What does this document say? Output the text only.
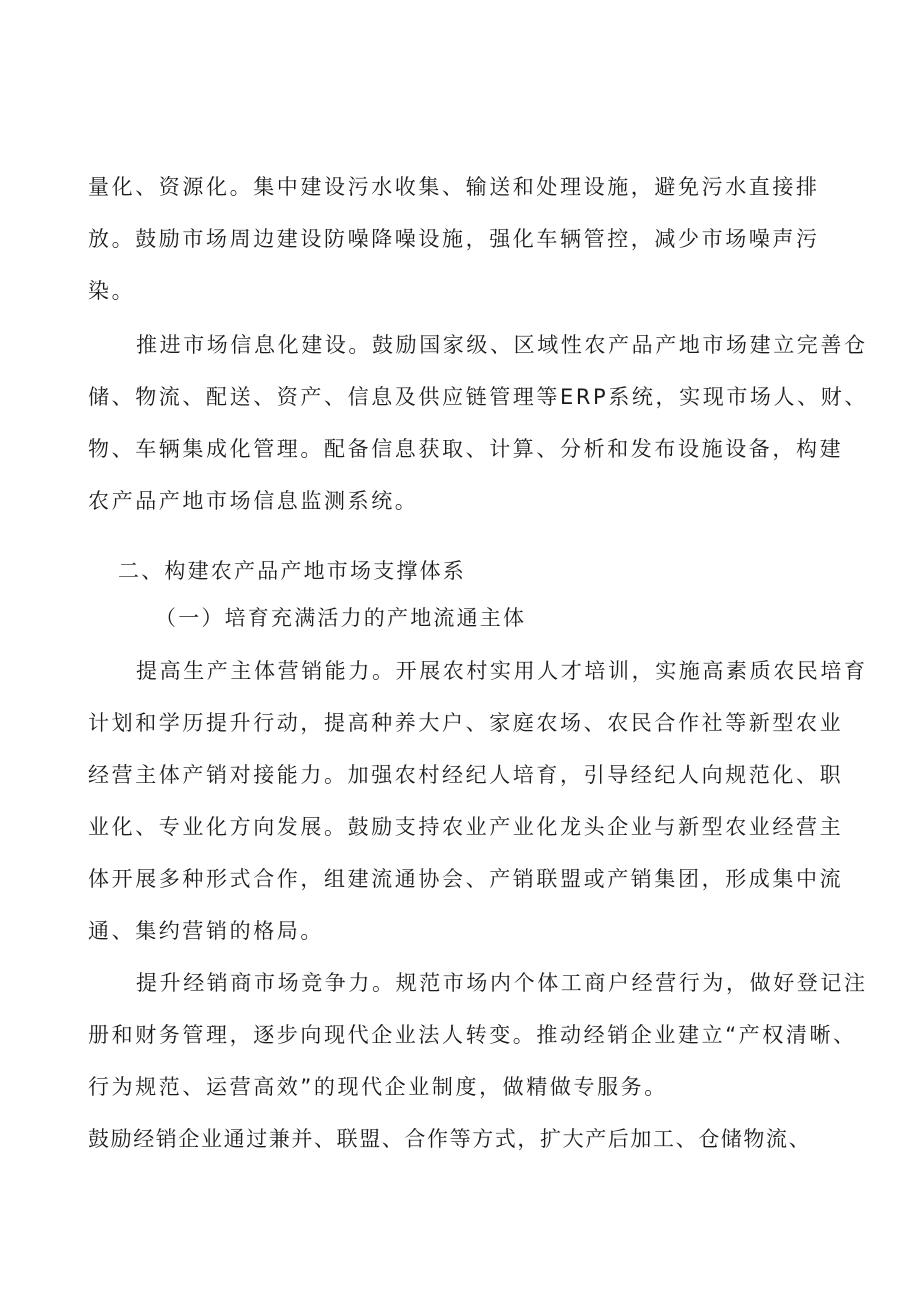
量化、资源化。集中建设污水收集、输送和处理设施，避免污水直接排
放。鼓励市场周边建设防噪降噪设施，强化车辆管控，减少市场噪声污
染。
推进市场信息化建设。鼓励国家级、区域性农产品产地市场建立完善仓
储、物流、配送、资产、信息及供应链管理等ERP系统，实现市场人、财、
物、车辆集成化管理。配备信息获取、计算、分析和发布设施设备，构建
农产品产地市场信息监测系统。
二、构建农产品产地市场支撑体系
（一）培育充满活力的产地流通主体
提高生产主体营销能力。开展农村实用人才培训，实施高素质农民培育
计划和学历提升行动，提高种养大户、家庭农场、农民合作社等新型农业
经营主体产销对接能力。加强农村经纪人培育，引导经纪人向规范化、职
业化、专业化方向发展。鼓励支持农业产业化龙头企业与新型农业经营主
体开展多种形式合作，组建流通协会、产销联盟或产销集团，形成集中流
通、集约营销的格局。
提升经销商市场竞争力。规范市场内个体工商户经营行为，做好登记注
册和财务管理，逐步向现代企业法人转变。推动经销企业建立“产权清晰、
行为规范、运营高效”的现代企业制度，做精做专服务。
鼓励经销企业通过兼并、联盟、合作等方式，扩大产后加工、仓储物流、
